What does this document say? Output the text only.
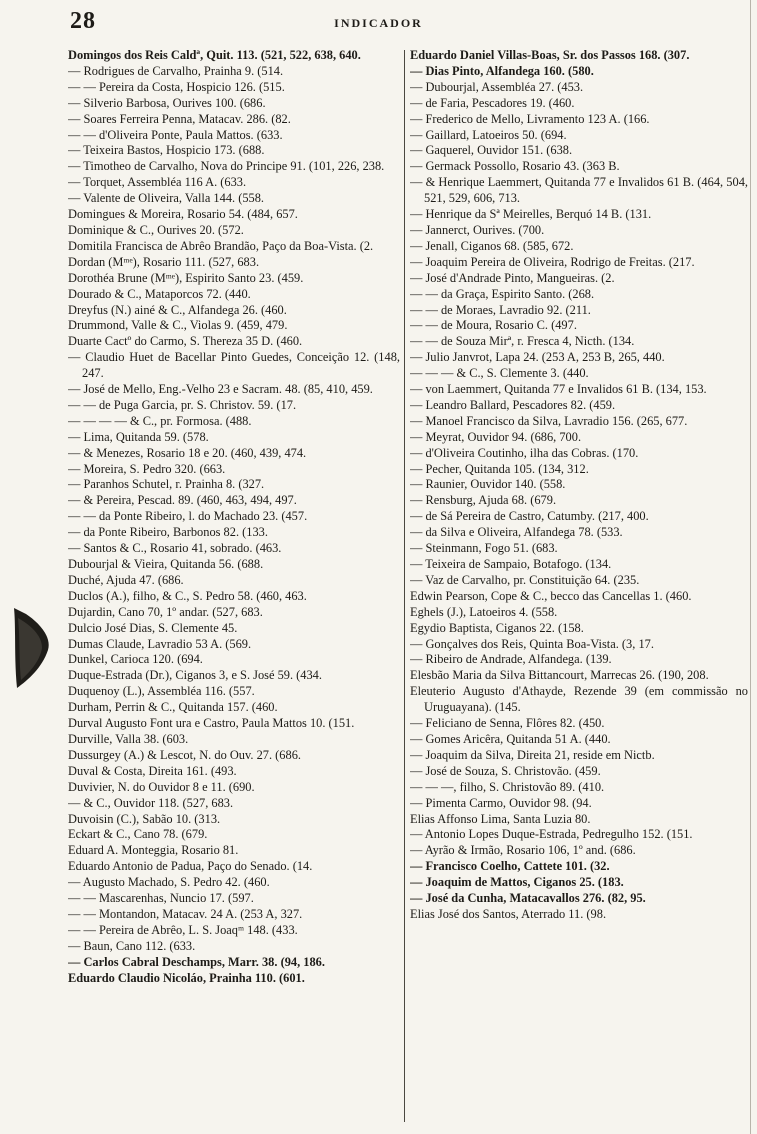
28	INDICADOR

Domingos dos Reis Caldª, Quit. 113. (521, 522, 638, 640.

— Rodrigues de Carvalho, Prainha 9. (514.

— — Pereira da Costa, Hospicio 126. (515.

— Silverio Barbosa, Ourives 100. (686.

— Soares Ferreira Penna, Matacav. 286. (82.

— — d'Oliveira Ponte, Paula Mattos. (633.

— Teixeira Bastos, Hospicio 173. (688.

— Timotheo de Carvalho, Nova do Principe 91. (101, 226, 238.

— Torquet, Assembléa 116 A. (633.

— Valente de Oliveira, Valla 144. (558.

Domingues & Moreira, Rosario 54. (484, 657.

Dominique & C., Ourives 20. (572.

Domitila Francisca de Abrêo Brandão, Paço da Boa-Vista. (2.

Dordan (Mᵐᵉ), Rosario 111. (527, 683.

Dorothéa Brune (Mᵐᵉ), Espirito Santo 23. (459.

Dourado & C., Mataporcos 72. (440.

Dreyfus (N.) ainé & C., Alfandega 26. (460.

Drummond, Valle & C., Violas 9. (459, 479.

Duarte Cactº do Carmo, S. Thereza 35 D. (460.

— Claudio Huet de Bacellar Pinto Guedes, Conceição 12. (148, 247.

— José de Mello, Eng.-Velho 23 e Sacram. 48. (85, 410, 459.

— — de Puga Garcia, pr. S. Christov. 59. (17.

— — — — & C., pr. Formosa. (488.

— Lima, Quitanda 59. (578.

— & Menezes, Rosario 18 e 20. (460, 439, 474.

— Moreira, S. Pedro 320. (663.

— Paranhos Schutel, r. Prainha 8. (327.

— & Pereira, Pescad. 89. (460, 463, 494, 497.

— — da Ponte Ribeiro, l. do Machado 23. (457.

— da Ponte Ribeiro, Barbonos 82. (133.

— Santos & C., Rosario 41, sobrado. (463.

Dubourjal & Vieira, Quitanda 56. (688.

Duché, Ajuda 47. (686.

Duclos (A.), filho, & C., S. Pedro 58. (460, 463.

Dujardin, Cano 70, 1º andar. (527, 683.

Dulcio José Dias, S. Clemente 45.

Dumas Claude, Lavradio 53 A. (569.

Dunkel, Carioca 120. (694.

Duque-Estrada (Dr.), Ciganos 3, e S. José 59. (434.

Duquenoy (L.), Assembléa 116. (557.

Durham, Perrin & C., Quitanda 157. (460.

Durval Augusto Font ura e Castro, Paula Mattos 10. (151.

Durville, Valla 38. (603.

Dussurgey (A.) & Lescot, N. do Ouv. 27. (686.

Duval & Costa, Direita 161. (493.

Duvivier, N. do Ouvidor 8 e 11. (690.

— & C., Ouvidor 118. (527, 683.

Duvoisin (C.), Sabão 10. (313.

Eckart & C., Cano 78. (679.

Eduard A. Monteggia, Rosario 81.

Eduardo Antonio de Padua, Paço do Senado. (14.

— Augusto Machado, S. Pedro 42. (460.

— — Mascarenhas, Nuncio 17. (597.

— — Montandon, Matacav. 24 A. (253 A, 327.

— — Pereira de Abrêo, L. S. Joaqᵐ 148. (433.

— Baun, Cano 112. (633.

— Carlos Cabral Deschamps, Marr. 38. (94, 186.

Eduardo Claudio Nicoláo, Prainha 110. (601.

Eduardo Daniel Villas-Boas, Sr. dos Passos 168. (307.

— Dias Pinto, Alfandega 160. (580.

— Dubourjal, Assembléa 27. (453.

— de Faria, Pescadores 19. (460.

— Frederico de Mello, Livramento 123 A. (166.

— Gaillard, Latoeiros 50. (694.

— Gaquerel, Ouvidor 151. (638.

— Germack Possollo, Rosario 43. (363 B.

— & Henrique Laemmert, Quitanda 77 e Invalidos 61 B. (464, 504, 521, 529, 606, 713.

— Henrique da Sª Meirelles, Berquó 14 B. (131.

— Jannerct, Ourives. (700.

— Jenall, Ciganos 68. (585, 672.

— Joaquim Pereira de Oliveira, Rodrigo de Freitas. (217.

— José d'Andrade Pinto, Mangueiras. (2.

— — da Graça, Espirito Santo. (268.

— — de Moraes, Lavradio 92. (211.

— — de Moura, Rosario C. (497.

— — de Souza Mirª, r. Fresca 4, Nicth. (134.

— Julio Janvrot, Lapa 24. (253 A, 253 B, 265, 440.

— — — & C., S. Clemente 3. (440.

— von Laemmert, Quitanda 77 e Invalidos 61 B. (134, 153.

— Leandro Ballard, Pescadores 82. (459.

— Manoel Francisco da Silva, Lavradio 156. (265, 677.

— Meyrat, Ouvidor 94. (686, 700.

— d'Oliveira Coutinho, ilha das Cobras. (170.

— Pecher, Quitanda 105. (134, 312.

— Raunier, Ouvidor 140. (558.

— Rensburg, Ajuda 68. (679.

— de Sá Pereira de Castro, Catumby. (217, 400.

— da Silva e Oliveira, Alfandega 78. (533.

— Steinmann, Fogo 51. (683.

— Teixeira de Sampaio, Botafogo. (134.

— Vaz de Carvalho, pr. Constituição 64. (235.

Edwin Pearson, Cope & C., becco das Cancellas 1. (460.

Eghels (J.), Latoeiros 4. (558.

Egydio Baptista, Ciganos 22. (158.

— Gonçalves dos Reis, Quinta Boa-Vista. (3, 17.

— Ribeiro de Andrade, Alfandega. (139.

Elesbão Maria da Silva Bittancourt, Marrecas 26. (190, 208.

Eleuterio Augusto d'Athayde, Rezende 39 (em commissão no Uruguayana). (145.

— Feliciano de Senna, Flôres 82. (450.

— Gomes Aricêra, Quitanda 51 A. (440.

— Joaquim da Silva, Direita 21, reside em Nictb.

— José de Souza, S. Christovão. (459.

— — —, filho, S. Christovão 89. (410.

— Pimenta Carmo, Ouvidor 98. (94.

Elias Affonso Lima, Santa Luzia 80.

— Antonio Lopes Duque-Estrada, Pedregulho 152. (151.

— Ayrão & Irmão, Rosario 106, 1º and. (686.

— Francisco Coelho, Cattete 101. (32.

— Joaquim de Mattos, Ciganos 25. (183.

— José da Cunha, Matacavallos 276. (82, 95.

Elias José dos Santos, Aterrado 11. (98.
